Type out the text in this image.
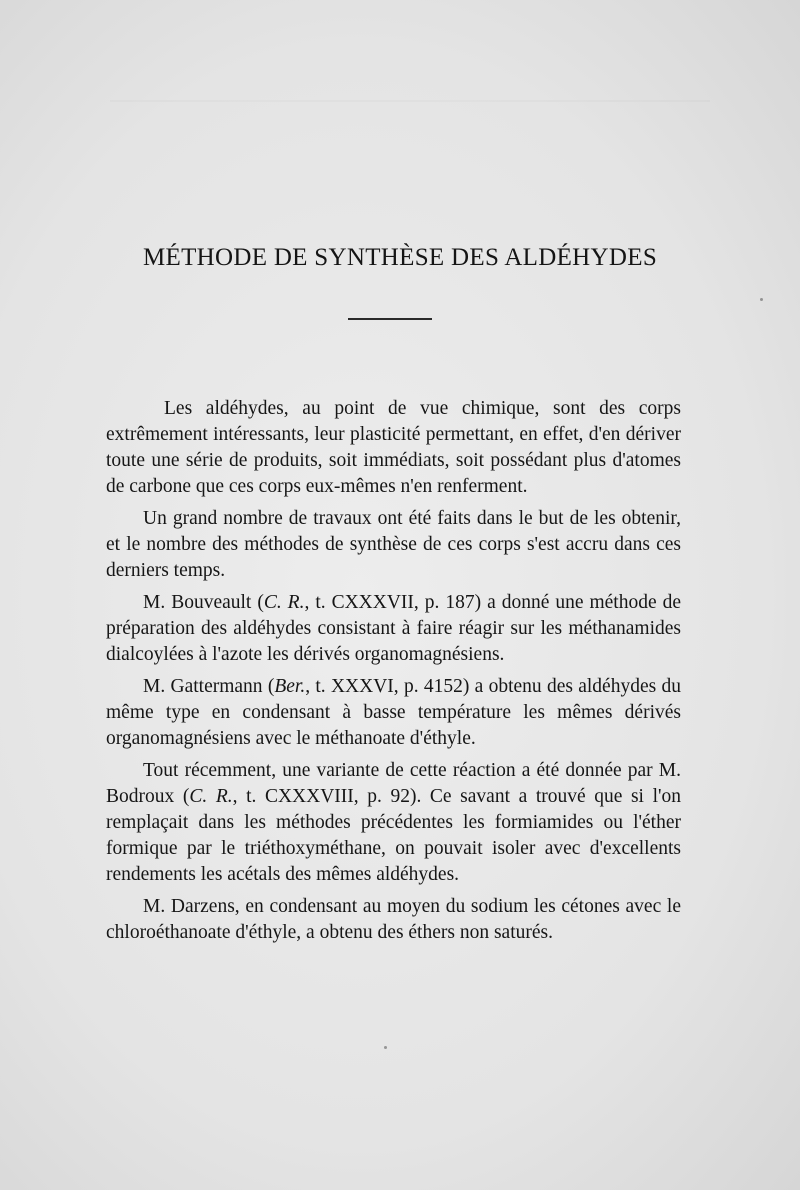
MÉTHODE DE SYNTHÈSE DES ALDÉHYDES

Les aldéhydes, au point de vue chimique, sont des corps extrêmement intéressants, leur plasticité permettant, en effet, d'en dériver toute une série de produits, soit immédiats, soit possédant plus d'atomes de carbone que ces corps eux-mêmes n'en renferment.

Un grand nombre de travaux ont été faits dans le but de les obtenir, et le nombre des méthodes de synthèse de ces corps s'est accru dans ces derniers temps.

M. Bouveault (C. R., t. CXXXVII, p. 187) a donné une méthode de préparation des aldéhydes consistant à faire réagir sur les méthanamides dialcoylées à l'azote les dérivés organomagnésiens.

M. Gattermann (Ber., t. XXXVI, p. 4152) a obtenu des aldéhydes du même type en condensant à basse température les mêmes dérivés organomagnésiens avec le méthanoate d'éthyle.

Tout récemment, une variante de cette réaction a été donnée par M. Bodroux (C. R., t. CXXXVIII, p. 92). Ce savant a trouvé que si l'on remplaçait dans les méthodes précédentes les formiamides ou l'éther formique par le triéthoxyméthane, on pouvait isoler avec d'excellents rendements les acétals des mêmes aldéhydes.

M. Darzens, en condensant au moyen du sodium les cétones avec le chloroéthanoate d'éthyle, a obtenu des éthers non saturés.
